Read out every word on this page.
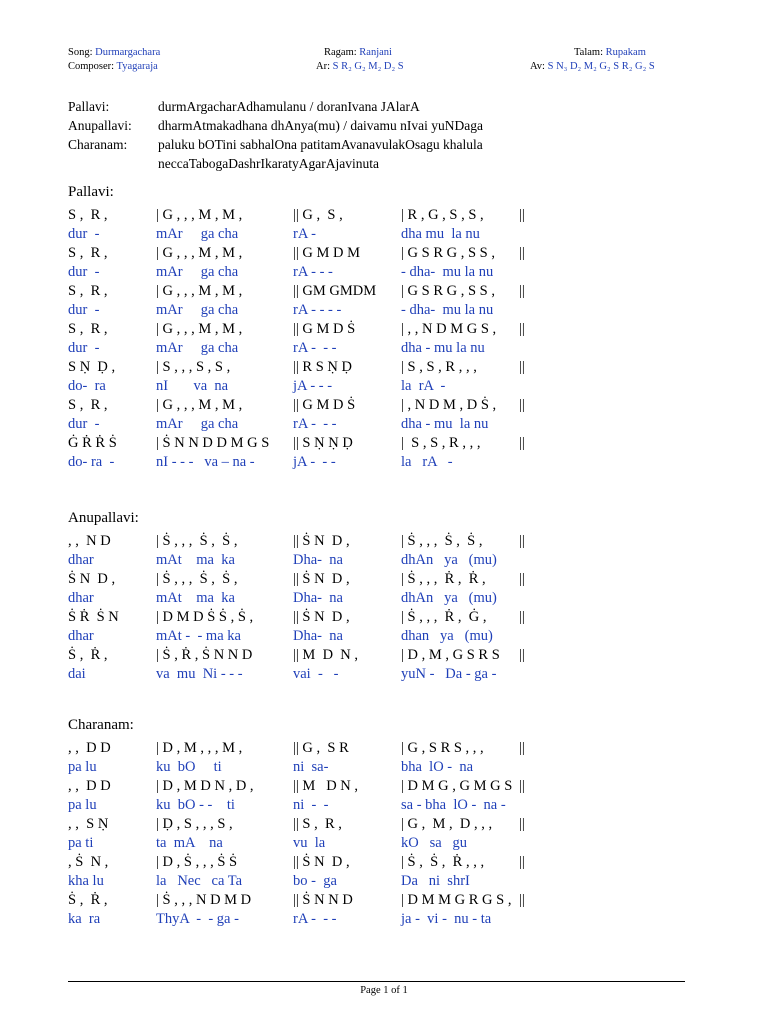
Song: Durmargachara
Composer: Tyagaraja
Ragam: Ranjani
Ar: S R₂ G₂ M₂ D₂ S
Talam: Rupakam
Av: S N₃ D₂ M₂ G₂ S R₂ G₂ S
Pallavi:	durmArgacharAdhamulanu / doranIvana JAlarA
Anupallavi:	dharmAtmakadhana dhAnya(mu) / daivamu nIvai yuNDaga
Charanam:	paluku bOTini sabhalOna patitamAvanavulakOsagu khalula
neccaTabogaDashrIkaratyAgarAjavinuta
Pallavi:
S ,  R ,	| G , , , M , M ,	|| G ,  S ,	| R , G , S , S , ||
dur  -	mAr     ga cha	rA -	dha mu  la nu
S ,  R ,	| G , , , M , M ,	|| G M D M	| G S R G , S S , ||
dur  -	mAr     ga cha	rA - - -	- dha-  mu la nu
S ,  R ,	| G , , , M , M ,	|| GM GMDM | G S R G , S S , ||
dur  -	mAr     ga cha	rA - - - -	- dha-  mu la nu
S ,  R ,	| G , , , M , M ,	|| G M D Ṡ	| , , N D M G S , ||
dur  -	mAr     ga cha	rA -  - -	dha - mu la nu
S Ṇ  Ḍ ,	| S , , , S , S ,	|| R S Ṇ Ḍ	| S , S , R , , ,	||
do-  ra	nI       va  na	jA - - -	la  rA  -
S ,  R ,	| G , , , M , M ,	|| G M D Ṡ	| , N D M , D Ṡ , ||
dur  -	mAr     ga cha	rA -  - -	dha - mu  la nu
Ġ Ṙ Ṙ Ṡ	| Ṡ N N D D M G S || S Ṇ Ṇ Ḍ	|  S , S , R , , ,	||
do- ra  -	nI - - -   va – na -	jA -  - -	la   rA   -
Anupallavi:
, ,  N D	| Ṡ , , ,  Ṡ ,  Ṡ ,	|| Ṡ N  D ,	| Ṡ , , ,  Ṡ ,  Ṡ ,	||
dhar	mAt    ma  ka	Dha-  na	dhAn   ya   (mu)
Ṡ N  D ,	| Ṡ , , ,  Ṡ ,  Ṡ ,	|| Ṡ N  D ,	| Ṡ , , ,  Ṙ ,  Ṙ , ||
dhar	mAt    ma  ka	Dha-  na	dhAn   ya   (mu)
Ṡ Ṙ  Ṡ N	| D M D Ṡ Ṡ , Ṡ ,	|| Ṡ N  D ,	| Ṡ , , ,  Ṙ ,  Ġ , ||
dhar	mAt -  - ma ka	Dha-  na	dhan   ya   (mu)
Ṡ ,  Ṙ ,	| Ṡ , Ṙ , Ṡ N N D	|| M  D  N ,	| D , M , G S R S ||
dai	va  mu  Ni - - -	vai  -   -	yuN -   Da - ga -
Charanam:
, ,  D D	| D , M , , , M ,	|| G ,  S R	| G , S R S , , , ||
pa lu	ku  bO     ti	ni  sa-	bha  lO -  na
, ,  D D	| D , M D N , D ,	|| M   D N ,	| D M G , G M G S ||
pa lu	ku  bO - -    ti	ni  -  -	sa - bha  lO -  na -
, ,  S Ṇ	| Ḍ , S , , , S ,	|| S ,  R ,	| G ,  M ,  D , , , ||
pa ti	ta  mA    na	vu  la	kO   sa   gu
, Ṡ  N ,	| D , Ṡ , , , Ṡ Ṡ	|| Ṡ N  D ,	| Ṡ ,  Ṡ ,  Ṙ , , , ||
kha lu	la   Nec   ca Ta	bo -  ga	Da   ni  shrI
Ṡ ,  Ṙ ,	| Ṡ , , , N D M D	|| Ṡ N N D	| D M M G R G S , ||
ka  ra	ThyA  -  - ga -	rA -  - -	ja -  vi -  nu - ta
Page 1 of 1
